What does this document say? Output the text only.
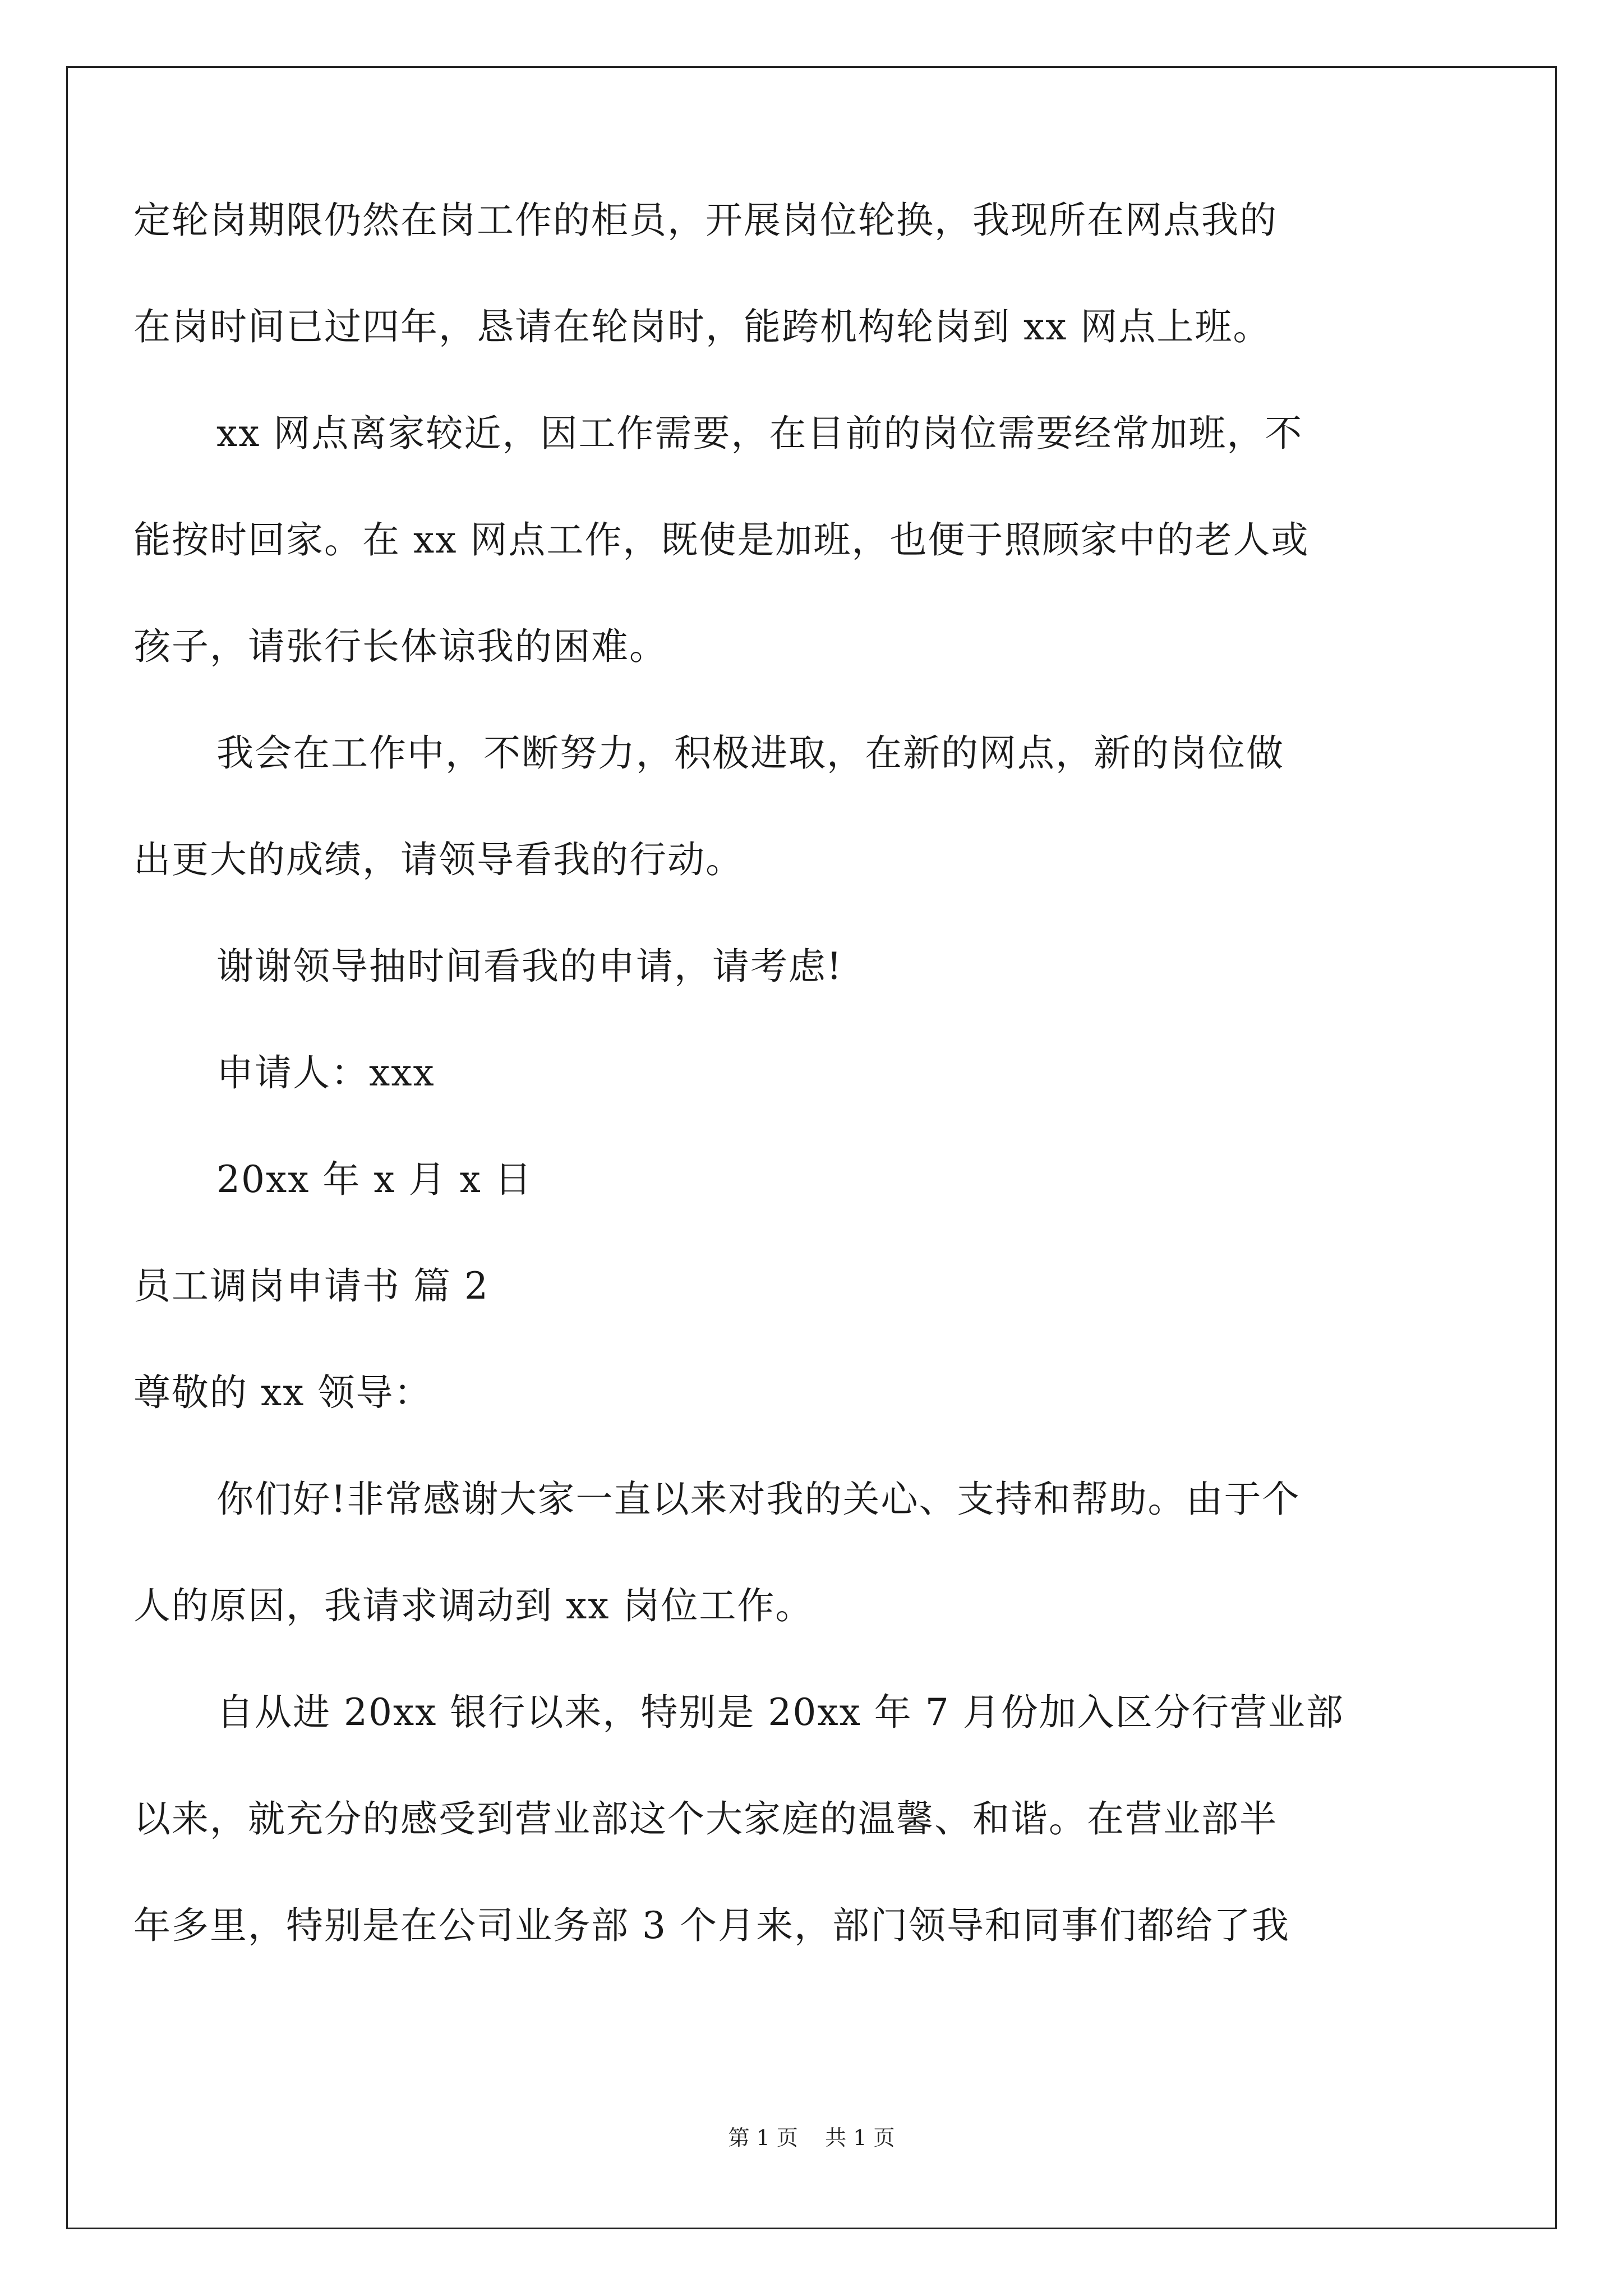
定轮岗期限仍然在岗工作的柜员，开展岗位轮换，我现所在网点我的
在岗时间已过四年，恳请在轮岗时，能跨机构轮岗到 xx 网点上班。
xx 网点离家较近，因工作需要，在目前的岗位需要经常加班，不
能按时回家。在 xx 网点工作，既使是加班，也便于照顾家中的老人或
孩子，请张行长体谅我的困难。
我会在工作中，不断努力，积极进取，在新的网点，新的岗位做
出更大的成绩，请领导看我的行动。
谢谢领导抽时间看我的申请，请考虑!
申请人：xxx
20xx 年 x 月 x 日
员工调岗申请书 篇 2
尊敬的 xx 领导：
你们好!非常感谢大家一直以来对我的关心、支持和帮助。由于个
人的原因，我请求调动到 xx 岗位工作。
自从进 20xx 银行以来，特别是 20xx 年 7 月份加入区分行营业部
以来，就充分的感受到营业部这个大家庭的温馨、和谐。在营业部半
年多里，特别是在公司业务部 3 个月来，部门领导和同事们都给了我
第 1 页    共 1 页
